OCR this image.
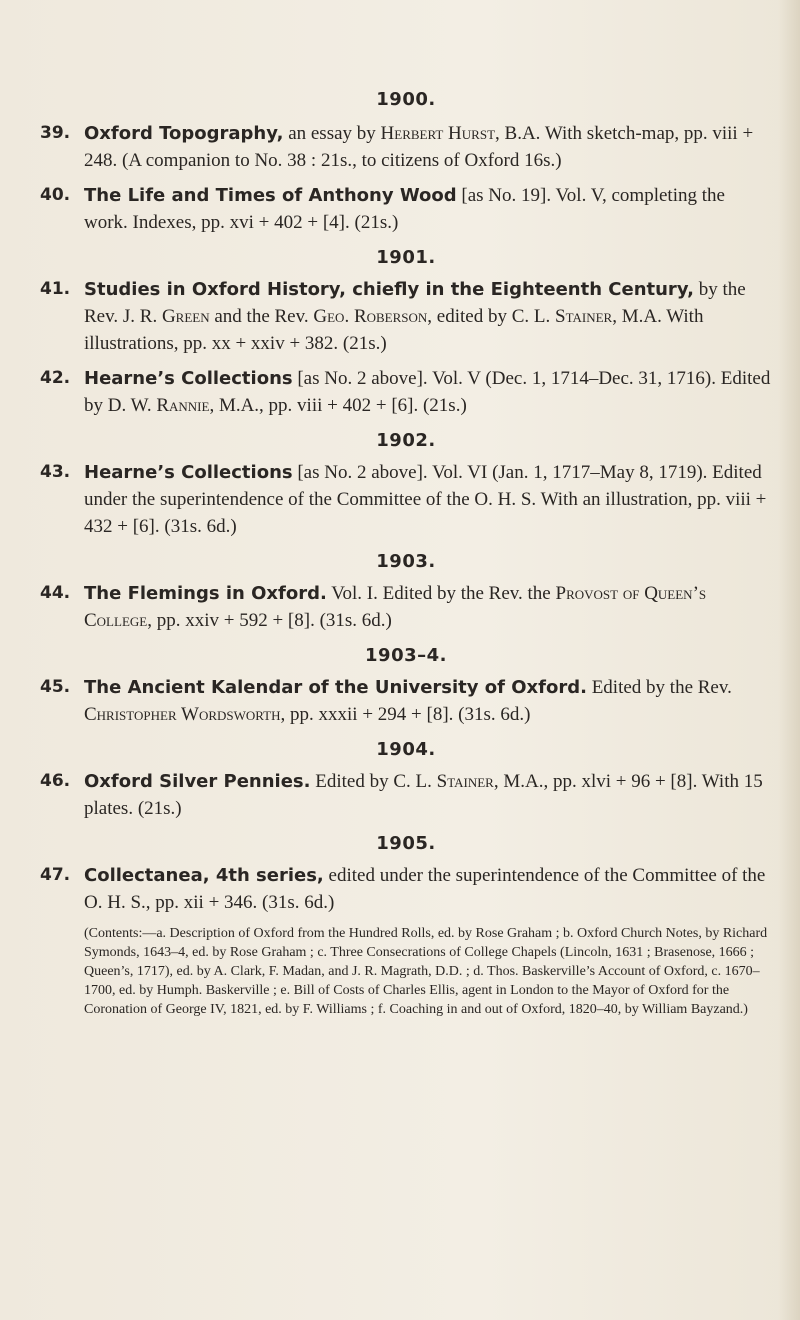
1900.
39. Oxford Topography, an essay by Herbert Hurst, B.A. With sketch-map, pp. viii + 248. (A companion to No. 38 : 21s., to citizens of Oxford 16s.)
40. The Life and Times of Anthony Wood [as No. 19]. Vol. V, completing the work. Indexes, pp. xvi + 402 + [4]. (21s.)
1901.
41. Studies in Oxford History, chiefly in the Eighteenth Century, by the Rev. J. R. Green and the Rev. Geo. Roberson, edited by C. L. Stainer, M.A. With illustrations, pp. xx + xxiv + 382. (21s.)
42. Hearne’s Collections [as No. 2 above]. Vol. V (Dec. 1, 1714–Dec. 31, 1716). Edited by D. W. Rannie, M.A., pp. viii + 402 + [6]. (21s.)
1902.
43. Hearne’s Collections [as No. 2 above]. Vol. VI (Jan. 1, 1717–May 8, 1719). Edited under the superintendence of the Committee of the O. H. S. With an illustration, pp. viii + 432 + [6]. (31s. 6d.)
1903.
44. The Flemings in Oxford. Vol. I. Edited by the Rev. the Provost of Queen’s College, pp. xxiv + 592 + [8]. (31s. 6d.)
1903–4.
45. The Ancient Kalendar of the University of Oxford. Edited by the Rev. Christopher Wordsworth, pp. xxxii + 294 + [8]. (31s. 6d.)
1904.
46. Oxford Silver Pennies. Edited by C. L. Stainer, M.A., pp. xlvi + 96 + [8]. With 15 plates. (21s.)
1905.
47. Collectanea, 4th series, edited under the superintendence of the Committee of the O. H. S., pp. xii + 346. (31s. 6d.)
(Contents:—a. Description of Oxford from the Hundred Rolls, ed. by Rose Graham ; b. Oxford Church Notes, by Richard Symonds, 1643–4, ed. by Rose Graham ; c. Three Consecrations of College Chapels (Lincoln, 1631 ; Brasenose, 1666 ; Queen’s, 1717), ed. by A. Clark, F. Madan, and J. R. Magrath, D.D. ; d. Thos. Baskerville’s Account of Oxford, c. 1670–1700, ed. by Humph. Baskerville ; e. Bill of Costs of Charles Ellis, agent in London to the Mayor of Oxford for the Coronation of George IV, 1821, ed. by F. Williams ; f. Coaching in and out of Oxford, 1820–40, by William Bayzand.)
